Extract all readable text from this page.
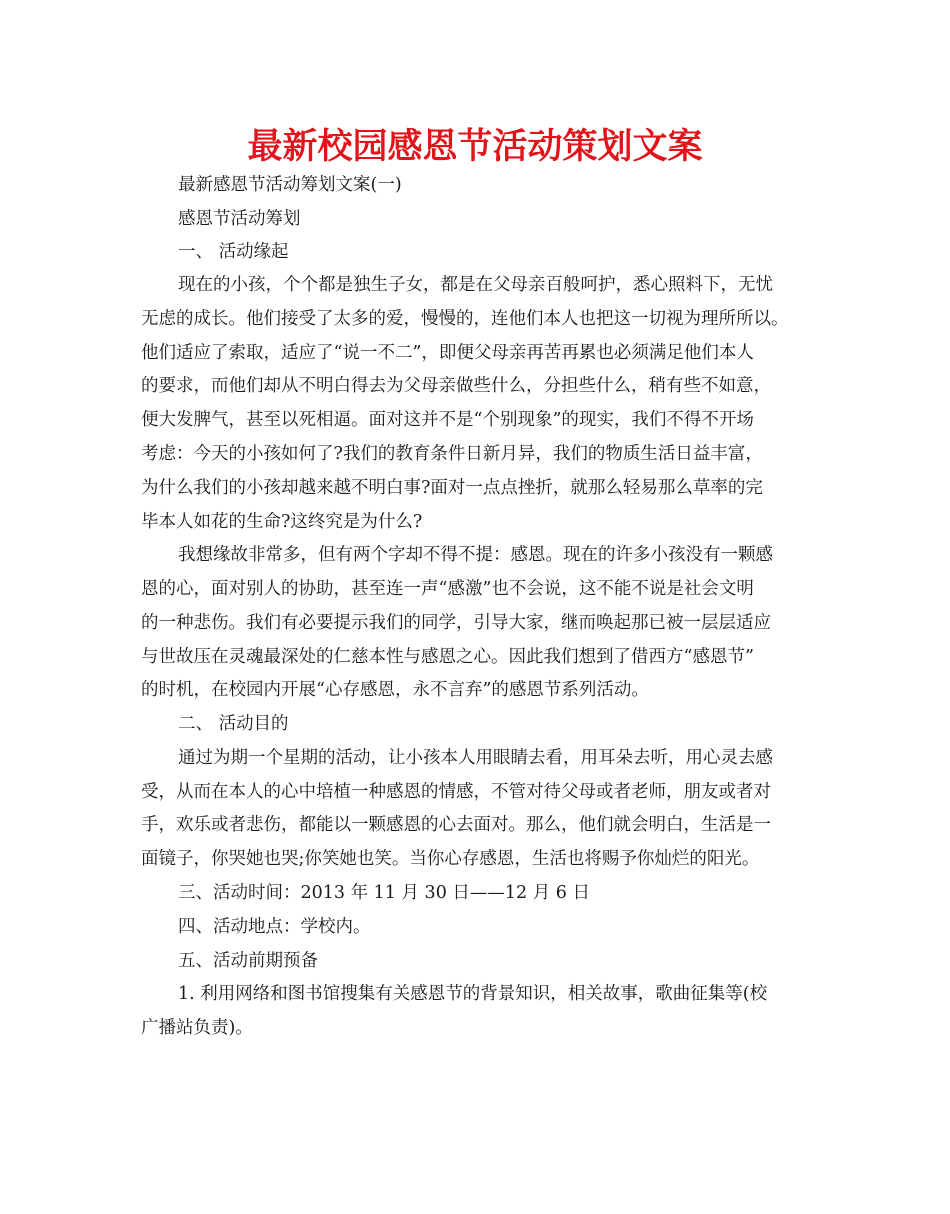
最新校园感恩节活动策划文案
最新感恩节活动筹划文案(一)
感恩节活动筹划
一、 活动缘起
现在的小孩，个个都是独生子女，都是在父母亲百般呵护，悉心照料下，无忧
无虑的成长。他们接受了太多的爱，慢慢的，连他们本人也把这一切视为理所所以。
他们适应了索取，适应了“说一不二”，即便父母亲再苦再累也必须满足他们本人
的要求，而他们却从不明白得去为父母亲做些什么，分担些什么，稍有些不如意，
便大发脾气，甚至以死相逼。面对这并不是“个别现象”的现实，我们不得不开场
考虑：今天的小孩如何了?我们的教育条件日新月异，我们的物质生活日益丰富，
为什么我们的小孩却越来越不明白事?面对一点点挫折，就那么轻易那么草率的完
毕本人如花的生命?这终究是为什么?
我想缘故非常多，但有两个字却不得不提：感恩。现在的许多小孩没有一颗感
恩的心，面对别人的协助，甚至连一声“感激”也不会说，这不能不说是社会文明
的一种悲伤。我们有必要提示我们的同学，引导大家，继而唤起那已被一层层适应
与世故压在灵魂最深处的仁慈本性与感恩之心。因此我们想到了借西方“感恩节”
的时机，在校园内开展“心存感恩，永不言弃”的感恩节系列活动。
二、 活动目的
通过为期一个星期的活动，让小孩本人用眼睛去看，用耳朵去听，用心灵去感
受，从而在本人的心中培植一种感恩的情感，不管对待父母或者老师，朋友或者对
手，欢乐或者悲伤，都能以一颗感恩的心去面对。那么，他们就会明白，生活是一
面镜子，你哭她也哭;你笑她也笑。当你心存感恩，生活也将赐予你灿烂的阳光。
三、活动时间：2013 年 11 月 30 日——12 月 6 日
四、活动地点：学校内。
五、活动前期预备
1. 利用网络和图书馆搜集有关感恩节的背景知识，相关故事，歌曲征集等(校
广播站负责)。
